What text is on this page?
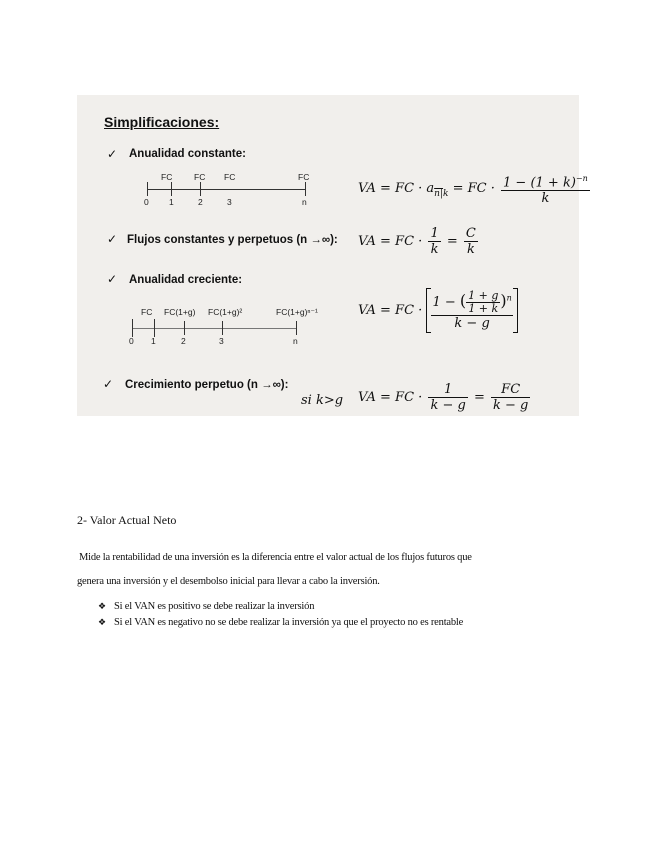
Simplificaciones:
✓ Anualidad constante:
FC	FC FC	FC
0 1	2	3	n
VA = FC · $a_{n|k}$ = FC · $\frac{1 - (1 + k)^{-n}}{k}$
✓ Flujos constantes y perpetuos (n →∞): VA = FC · $\frac{1}{k} = \frac{C}{k}$
✓ Anualidad creciente:
FC FC(1+g) FC(1+g)²	FC(1+g)ⁿ⁻¹
0 1	2	3	n
VA = FC · $\frac{1 - ( \frac{1 + g}{1 + k} )^n}{k - g}$
✓ Crecimiento perpetuo (n →∞):
si k>g VA = FC · $\frac{1}{k - g} = \frac{FC}{k - g}$
2- Valor Actual Neto
Mide la rentabilidad de una inversión es la diferencia entre el valor actual de los flujos futuros que
genera una inversión y el desembolso inicial para llevar a cabo la inversión.
❖ Si el VAN es positivo se debe realizar la inversión
❖ Si el VAN es negativo no se debe realizar la inversión ya que el proyecto no es rentable
